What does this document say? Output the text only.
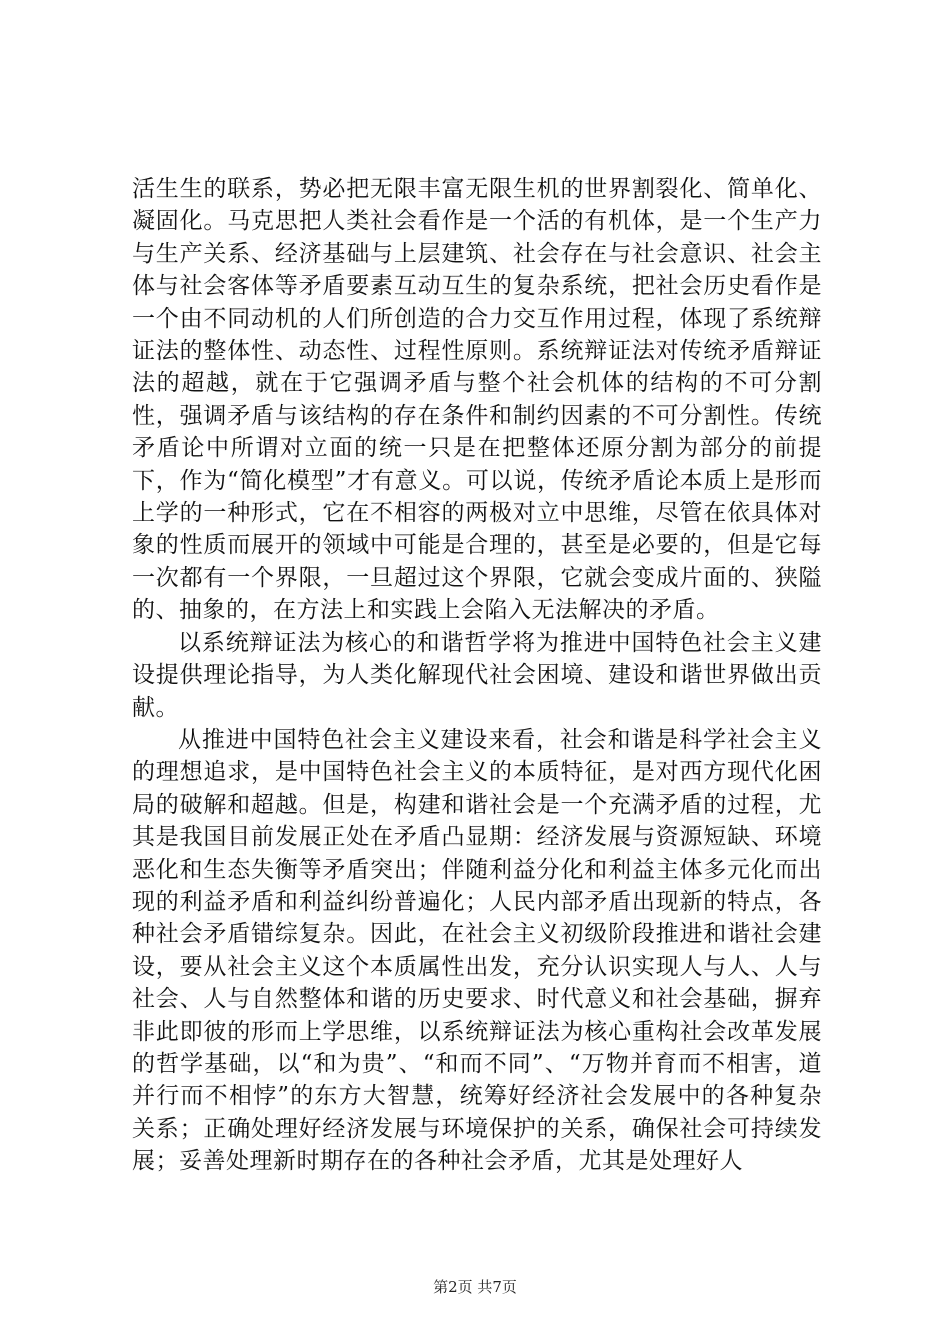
活生生的联系，势必把无限丰富无限生机的世界割裂化、简单化、凝固化。马克思把人类社会看作是一个活的有机体，是一个生产力与生产关系、经济基础与上层建筑、社会存在与社会意识、社会主体与社会客体等矛盾要素互动互生的复杂系统，把社会历史看作是一个由不同动机的人们所创造的合力交互作用过程，体现了系统辩证法的整体性、动态性、过程性原则。系统辩证法对传统矛盾辩证法的超越，就在于它强调矛盾与整个社会机体的结构的不可分割性，强调矛盾与该结构的存在条件和制约因素的不可分割性。传统矛盾论中所谓对立面的统一只是在把整体还原分割为部分的前提下，作为“简化模型”才有意义。可以说，传统矛盾论本质上是形而上学的一种形式，它在不相容的两极对立中思维，尽管在依具体对象的性质而展开的领域中可能是合理的，甚至是必要的，但是它每一次都有一个界限，一旦超过这个界限，它就会变成片面的、狭隘的、抽象的，在方法上和实践上会陷入无法解决的矛盾。

以系统辩证法为核心的和谐哲学将为推进中国特色社会主义建设提供理论指导，为人类化解现代社会困境、建设和谐世界做出贡献。

从推进中国特色社会主义建设来看，社会和谐是科学社会主义的理想追求，是中国特色社会主义的本质特征，是对西方现代化困局的破解和超越。但是，构建和谐社会是一个充满矛盾的过程，尤其是我国目前发展正处在矛盾凸显期：经济发展与资源短缺、环境恶化和生态失衡等矛盾突出；伴随利益分化和利益主体多元化而出现的利益矛盾和利益纠纷普遍化；人民内部矛盾出现新的特点，各种社会矛盾错综复杂。因此，在社会主义初级阶段推进和谐社会建设，要从社会主义这个本质属性出发，充分认识实现人与人、人与社会、人与自然整体和谐的历史要求、时代意义和社会基础，摒弃非此即彼的形而上学思维，以系统辩证法为核心重构社会改革发展的哲学基础，以“和为贵”、“和而不同”、“万物并育而不相害，道并行而不相悖”的东方大智慧，统筹好经济社会发展中的各种复杂关系；正确处理好经济发展与环境保护的关系，确保社会可持续发展；妥善处理新时期存在的各种社会矛盾，尤其是处理好人

第2页 共7页
